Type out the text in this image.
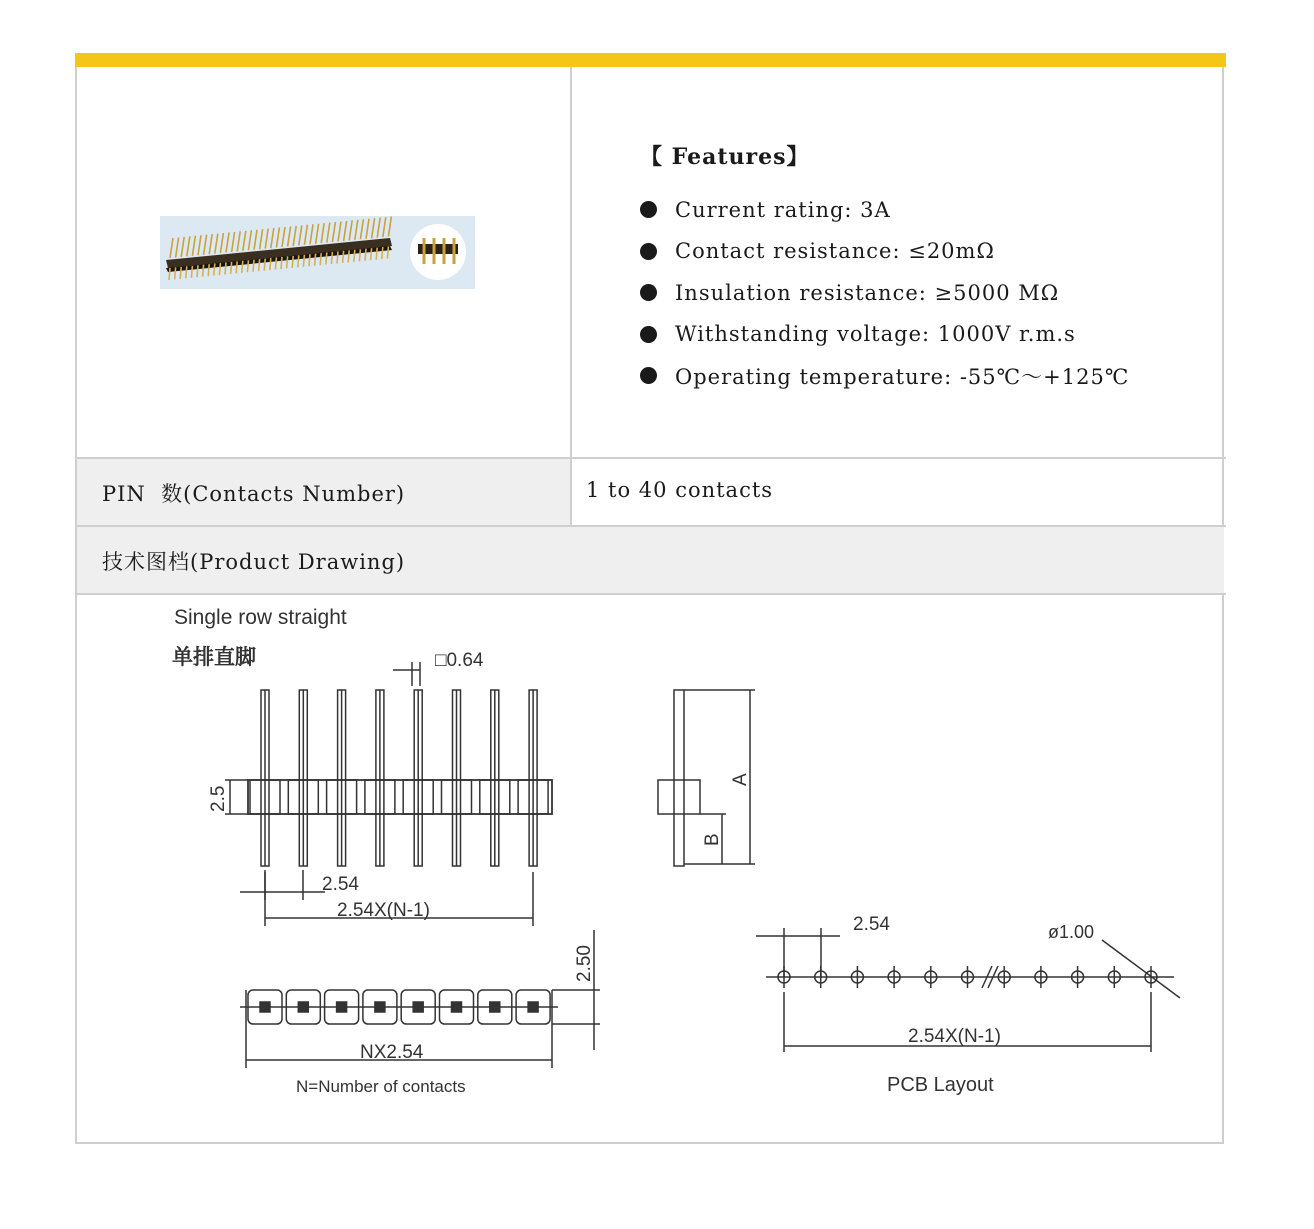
【 Features】
Current rating: 3A
Contact resistance: ≤20mΩ
Insulation resistance: ≥5000 MΩ
Withstanding voltage: 1000V r.m.s
Operating temperature: -55℃～+125℃
PIN  数(Contacts Number)	1 to 40 contacts
技术图档(Product Drawing)
Single row straight
单排直脚	□0.64
2.5
2.54
2.54X(N-1)
A
B
NX2.54
2.50
N=Number of contacts
2.54	ø1.00
2.54X(N-1)
PCB Layout
